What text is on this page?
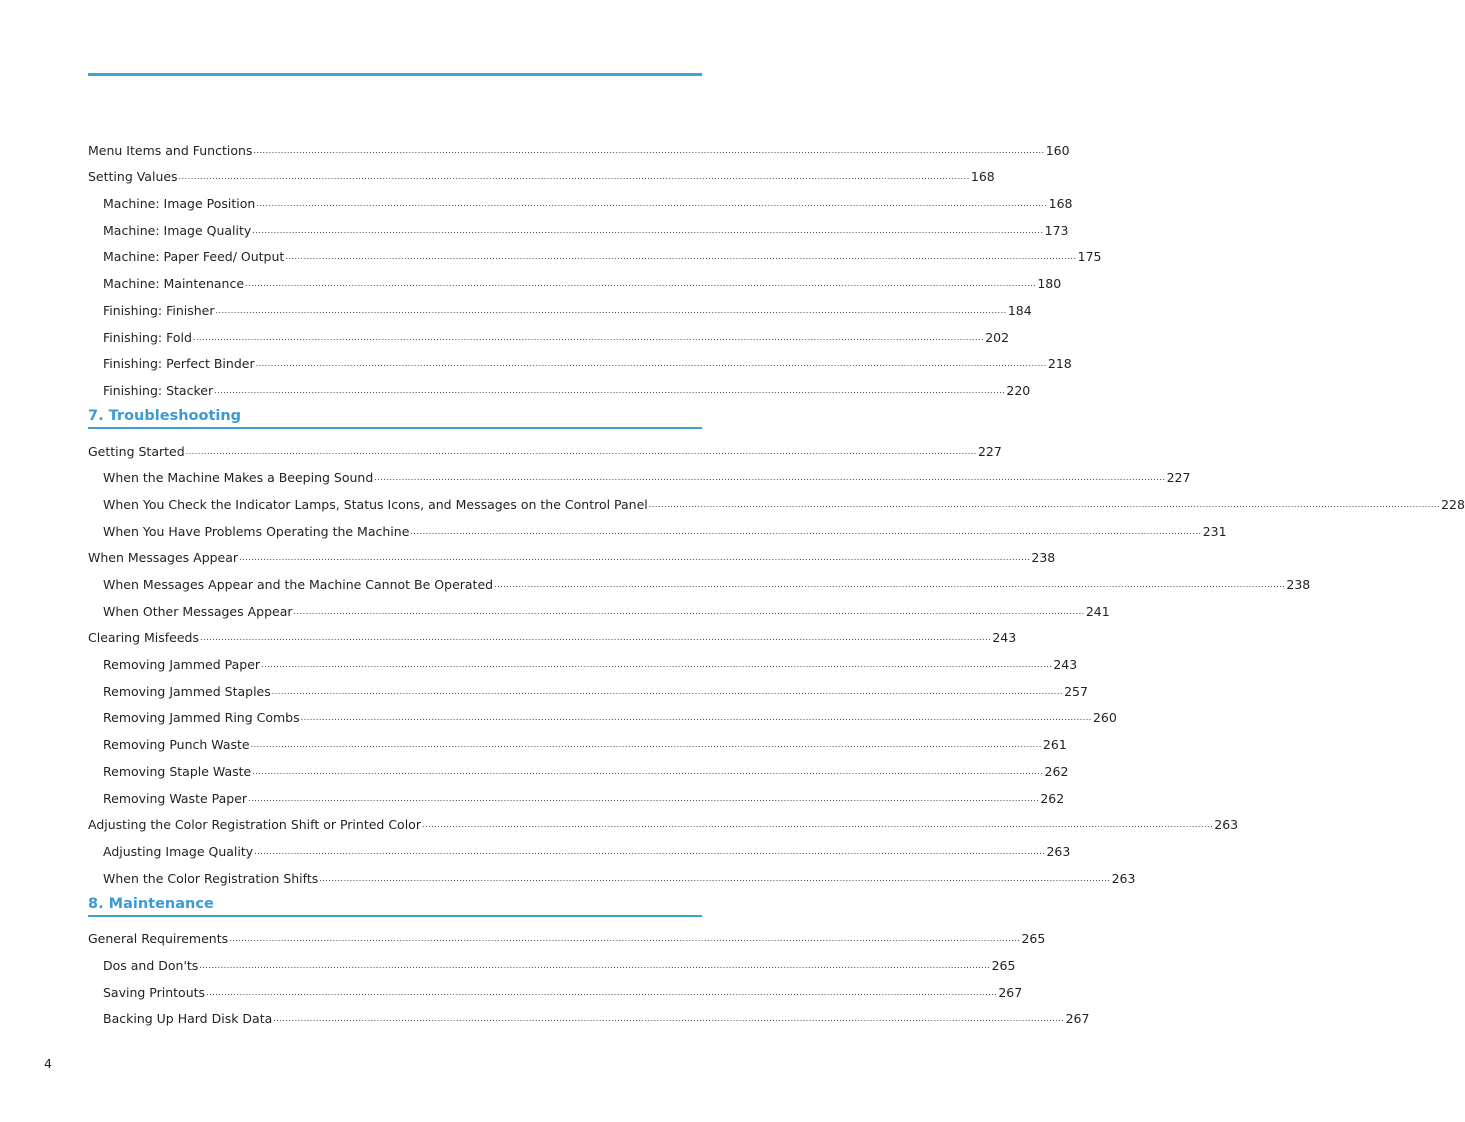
Menu Items and Functions .................................................................................................................................................................................................................................................................... 160
Setting Values .................................................................................................................................................................................................................................................................... 168
Machine: Image Position .................................................................................................................................................................................................................................................................... 168
Machine: Image Quality .................................................................................................................................................................................................................................................................... 173
Machine: Paper Feed/ Output .................................................................................................................................................................................................................................................................... 175
Machine: Maintenance .................................................................................................................................................................................................................................................................... 180
Finishing: Finisher .................................................................................................................................................................................................................................................................... 184
Finishing: Fold .................................................................................................................................................................................................................................................................... 202
Finishing: Perfect Binder .................................................................................................................................................................................................................................................................... 218
Finishing: Stacker .................................................................................................................................................................................................................................................................... 220
7. Troubleshooting
Getting Started .................................................................................................................................................................................................................................................................... 227
When the Machine Makes a Beeping Sound .................................................................................................................................................................................................................................................................... 227
When You Check the Indicator Lamps, Status Icons, and Messages on the Control Panel .................................................................................................................................................................................................................................................................... 228
When You Have Problems Operating the Machine .................................................................................................................................................................................................................................................................... 231
When Messages Appear .................................................................................................................................................................................................................................................................... 238
When Messages Appear and the Machine Cannot Be Operated .................................................................................................................................................................................................................................................................... 238
When Other Messages Appear .................................................................................................................................................................................................................................................................... 241
Clearing Misfeeds .................................................................................................................................................................................................................................................................... 243
Removing Jammed Paper .................................................................................................................................................................................................................................................................... 243
Removing Jammed Staples .................................................................................................................................................................................................................................................................... 257
Removing Jammed Ring Combs .................................................................................................................................................................................................................................................................... 260
Removing Punch Waste .................................................................................................................................................................................................................................................................... 261
Removing Staple Waste .................................................................................................................................................................................................................................................................... 262
Removing Waste Paper .................................................................................................................................................................................................................................................................... 262
Adjusting the Color Registration Shift or Printed Color .................................................................................................................................................................................................................................................................... 263
Adjusting Image Quality .................................................................................................................................................................................................................................................................... 263
When the Color Registration Shifts .................................................................................................................................................................................................................................................................... 263
8. Maintenance
General Requirements .................................................................................................................................................................................................................................................................... 265
Dos and Don'ts .................................................................................................................................................................................................................................................................... 265
Saving Printouts .................................................................................................................................................................................................................................................................... 267
Backing Up Hard Disk Data .................................................................................................................................................................................................................................................................... 267
4
